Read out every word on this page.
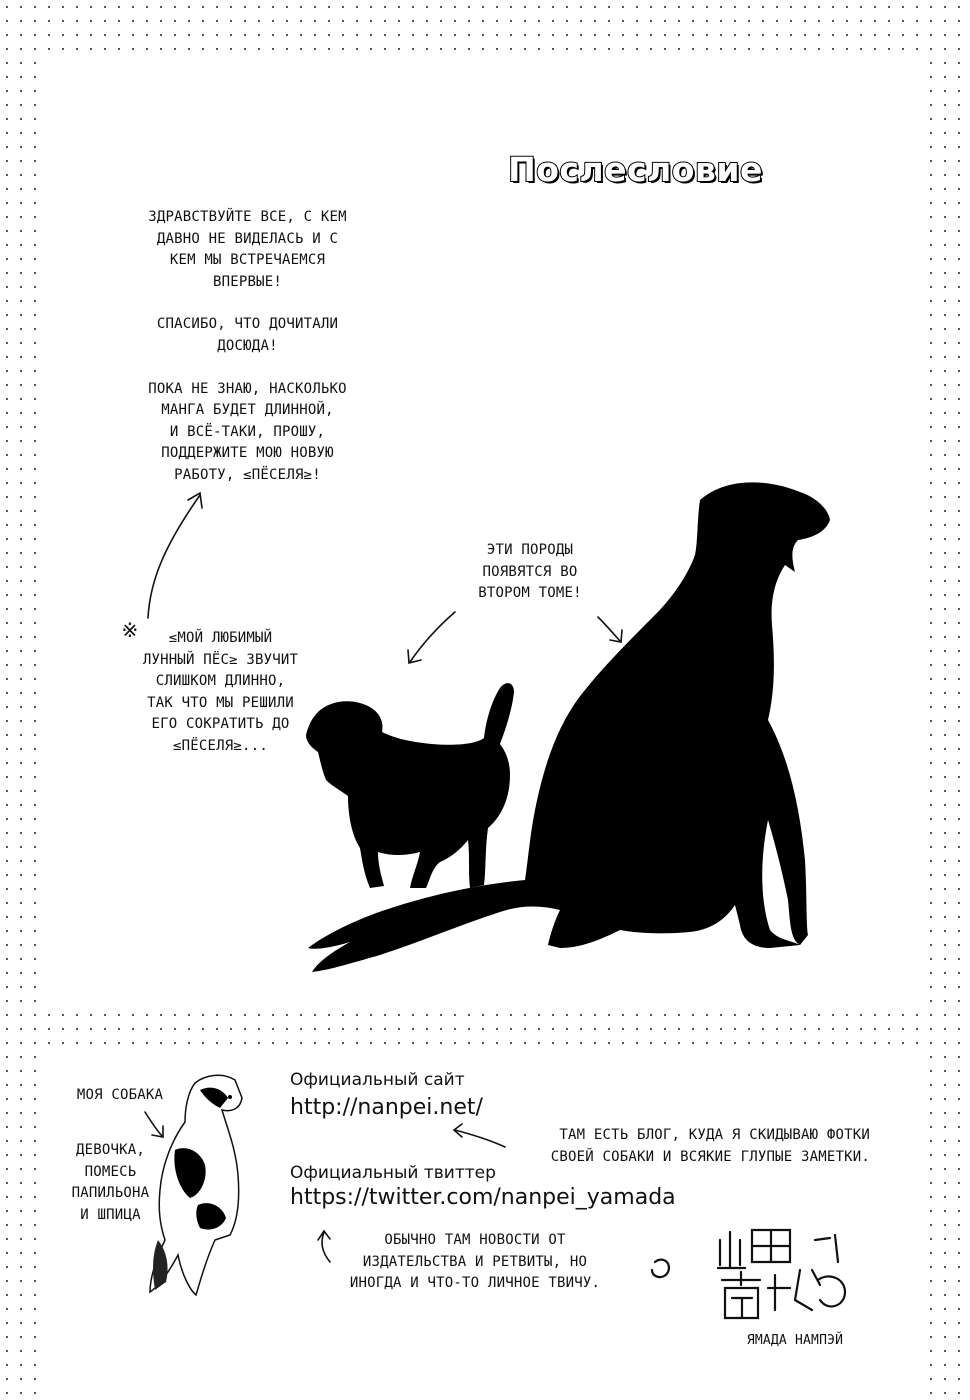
Послесловие

ЗДРАВСТВУЙТЕ ВСЕ, С КЕМ

ДАВНО НЕ ВИДЕЛАСЬ И С

КЕМ МЫ ВСТРЕЧАЕМСЯ

ВПЕРВЫЕ!

СПАСИБО, ЧТО ДОЧИТАЛИ

ДОСЮДА!

ПОКА НЕ ЗНАЮ, НАСКОЛЬКО

МАНГА БУДЕТ ДЛИННОЙ,

И ВСЁ-ТАКИ, ПРОШУ,

ПОДДЕРЖИТЕ МОЮ НОВУЮ

РАБОТУ, ≤ПЁСЕЛЯ≥!

※	≤МОЙ ЛЮБИМЫЙ

ЛУННЫЙ ПЁС≥ ЗВУЧИТ

СЛИШКОМ ДЛИННО,

ТАК ЧТО МЫ РЕШИЛИ

ЕГО СОКРАТИТЬ ДО

≤ПЁСЕЛЯ≥...

ЭТИ ПОРОДЫ

ПОЯВЯТСЯ ВО

ВТОРОМ ТОМЕ!

МОЯ СОБАКА

ДЕВОЧКА,

ПОМЕСЬ

ПАПИЛЬОНА

И ШПИЦА

Официальный сайт
http://nanpei.net/

ТАМ ЕСТЬ БЛОГ, КУДА Я СКИДЫВАЮ ФОТКИ

СВОЕЙ СОБАКИ И ВСЯКИЕ ГЛУПЫЕ ЗАМЕТКИ.

Официальный твиттер
https://twitter.com/nanpei_yamada

ОБЫЧНО ТАМ НОВОСТИ ОТ

ИЗДАТЕЛЬСТВА И РЕТВИТЫ, НО

ИНОГДА И ЧТО-ТО ЛИЧНОЕ ТВИЧУ.

ЯМАДА НАМПЭЙ
